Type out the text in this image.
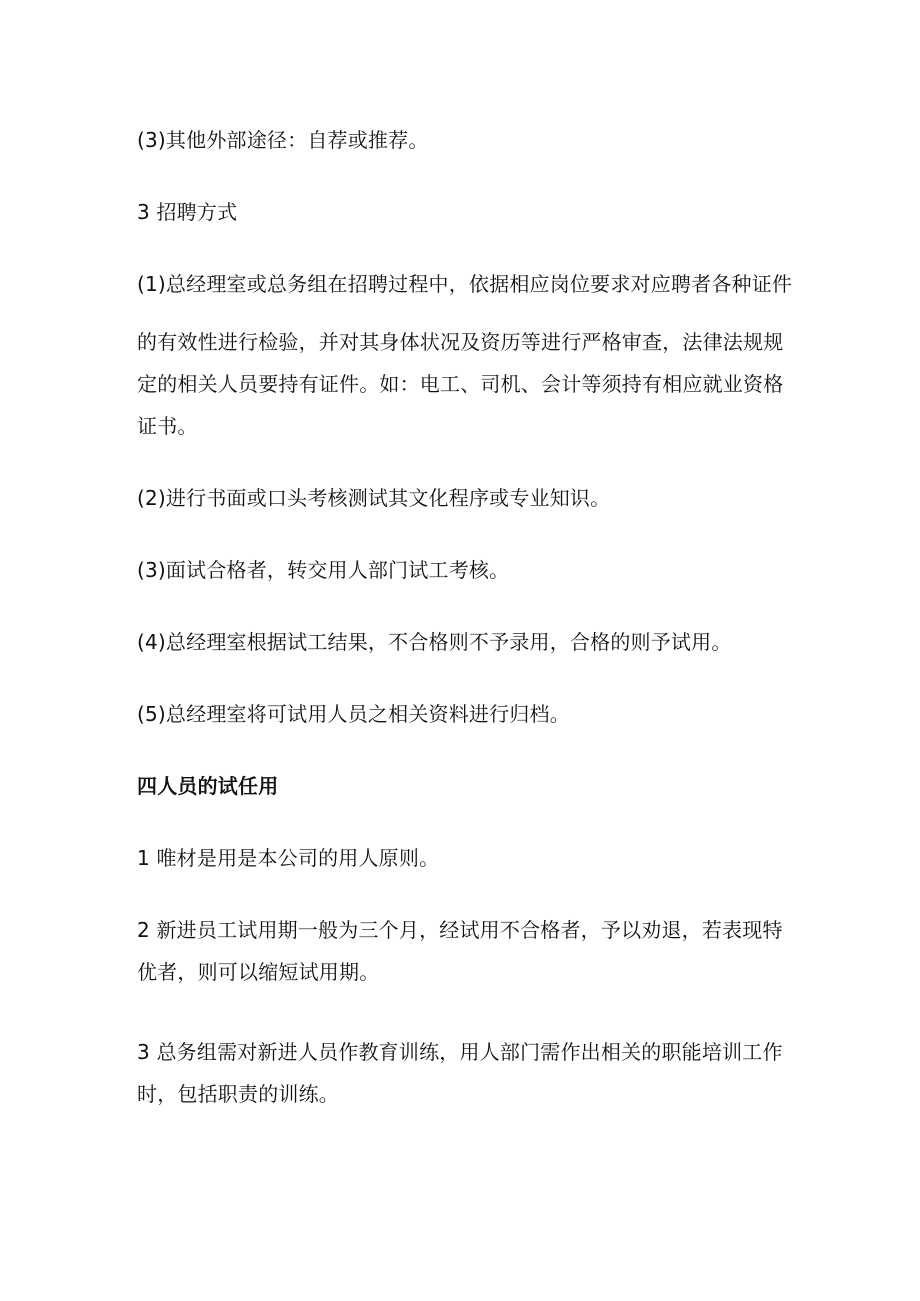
(3)其他外部途径：自荐或推荐。
3 招聘方式
(1)总经理室或总务组在招聘过程中，依据相应岗位要求对应聘者各种证件
的有效性进行检验，并对其身体状况及资历等进行严格审查，法律法规规
定的相关人员要持有证件。如：电工、司机、会计等须持有相应就业资格
证书。
(2)进行书面或口头考核测试其文化程序或专业知识。
(3)面试合格者，转交用人部门试工考核。
(4)总经理室根据试工结果，不合格则不予录用，合格的则予试用。
(5)总经理室将可试用人员之相关资料进行归档。
四人员的试任用
1 唯材是用是本公司的用人原则。
2 新进员工试用期一般为三个月，经试用不合格者，予以劝退，若表现特
优者，则可以缩短试用期。
3 总务组需对新进人员作教育训练，用人部门需作出相关的职能培训工作
时，包括职责的训练。
